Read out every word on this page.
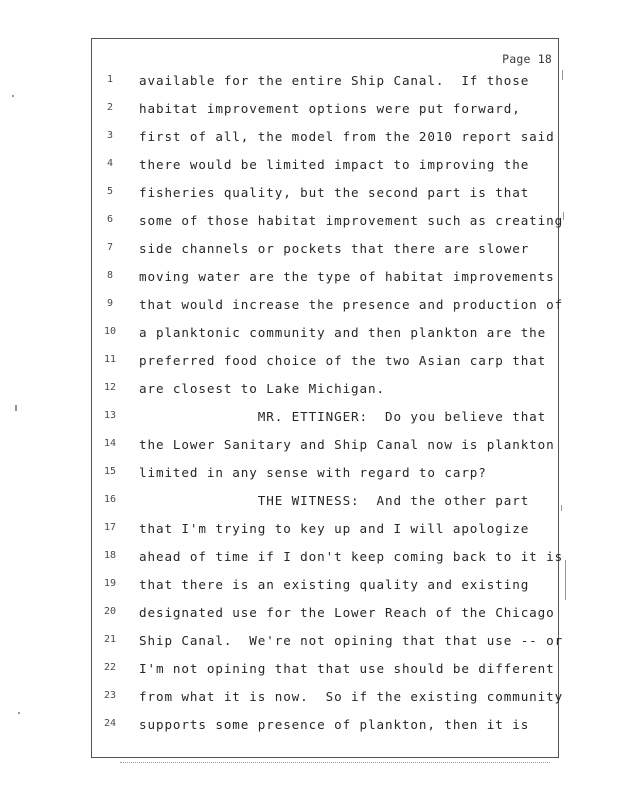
Page 18
1	available for the entire Ship Canal.  If those
2	habitat improvement options were put forward,
3	first of all, the model from the 2010 report said
4	there would be limited impact to improving the
5	fisheries quality, but the second part is that
6	some of those habitat improvement such as creating
7	side channels or pockets that there are slower
8	moving water are the type of habitat improvements
9	that would increase the presence and production of
10	a planktonic community and then plankton are the
11	preferred food choice of the two Asian carp that
12	are closest to Lake Michigan.
13	MR. ETTINGER:  Do you believe that
14	the Lower Sanitary and Ship Canal now is plankton
15	limited in any sense with regard to carp?
16	THE WITNESS:  And the other part
17	that I'm trying to key up and I will apologize
18	ahead of time if I don't keep coming back to it is
19	that there is an existing quality and existing
20	designated use for the Lower Reach of the Chicago
21	Ship Canal.  We're not opining that that use -- or
22	I'm not opining that that use should be different
23	from what it is now.  So if the existing community
24	supports some presence of plankton, then it is
